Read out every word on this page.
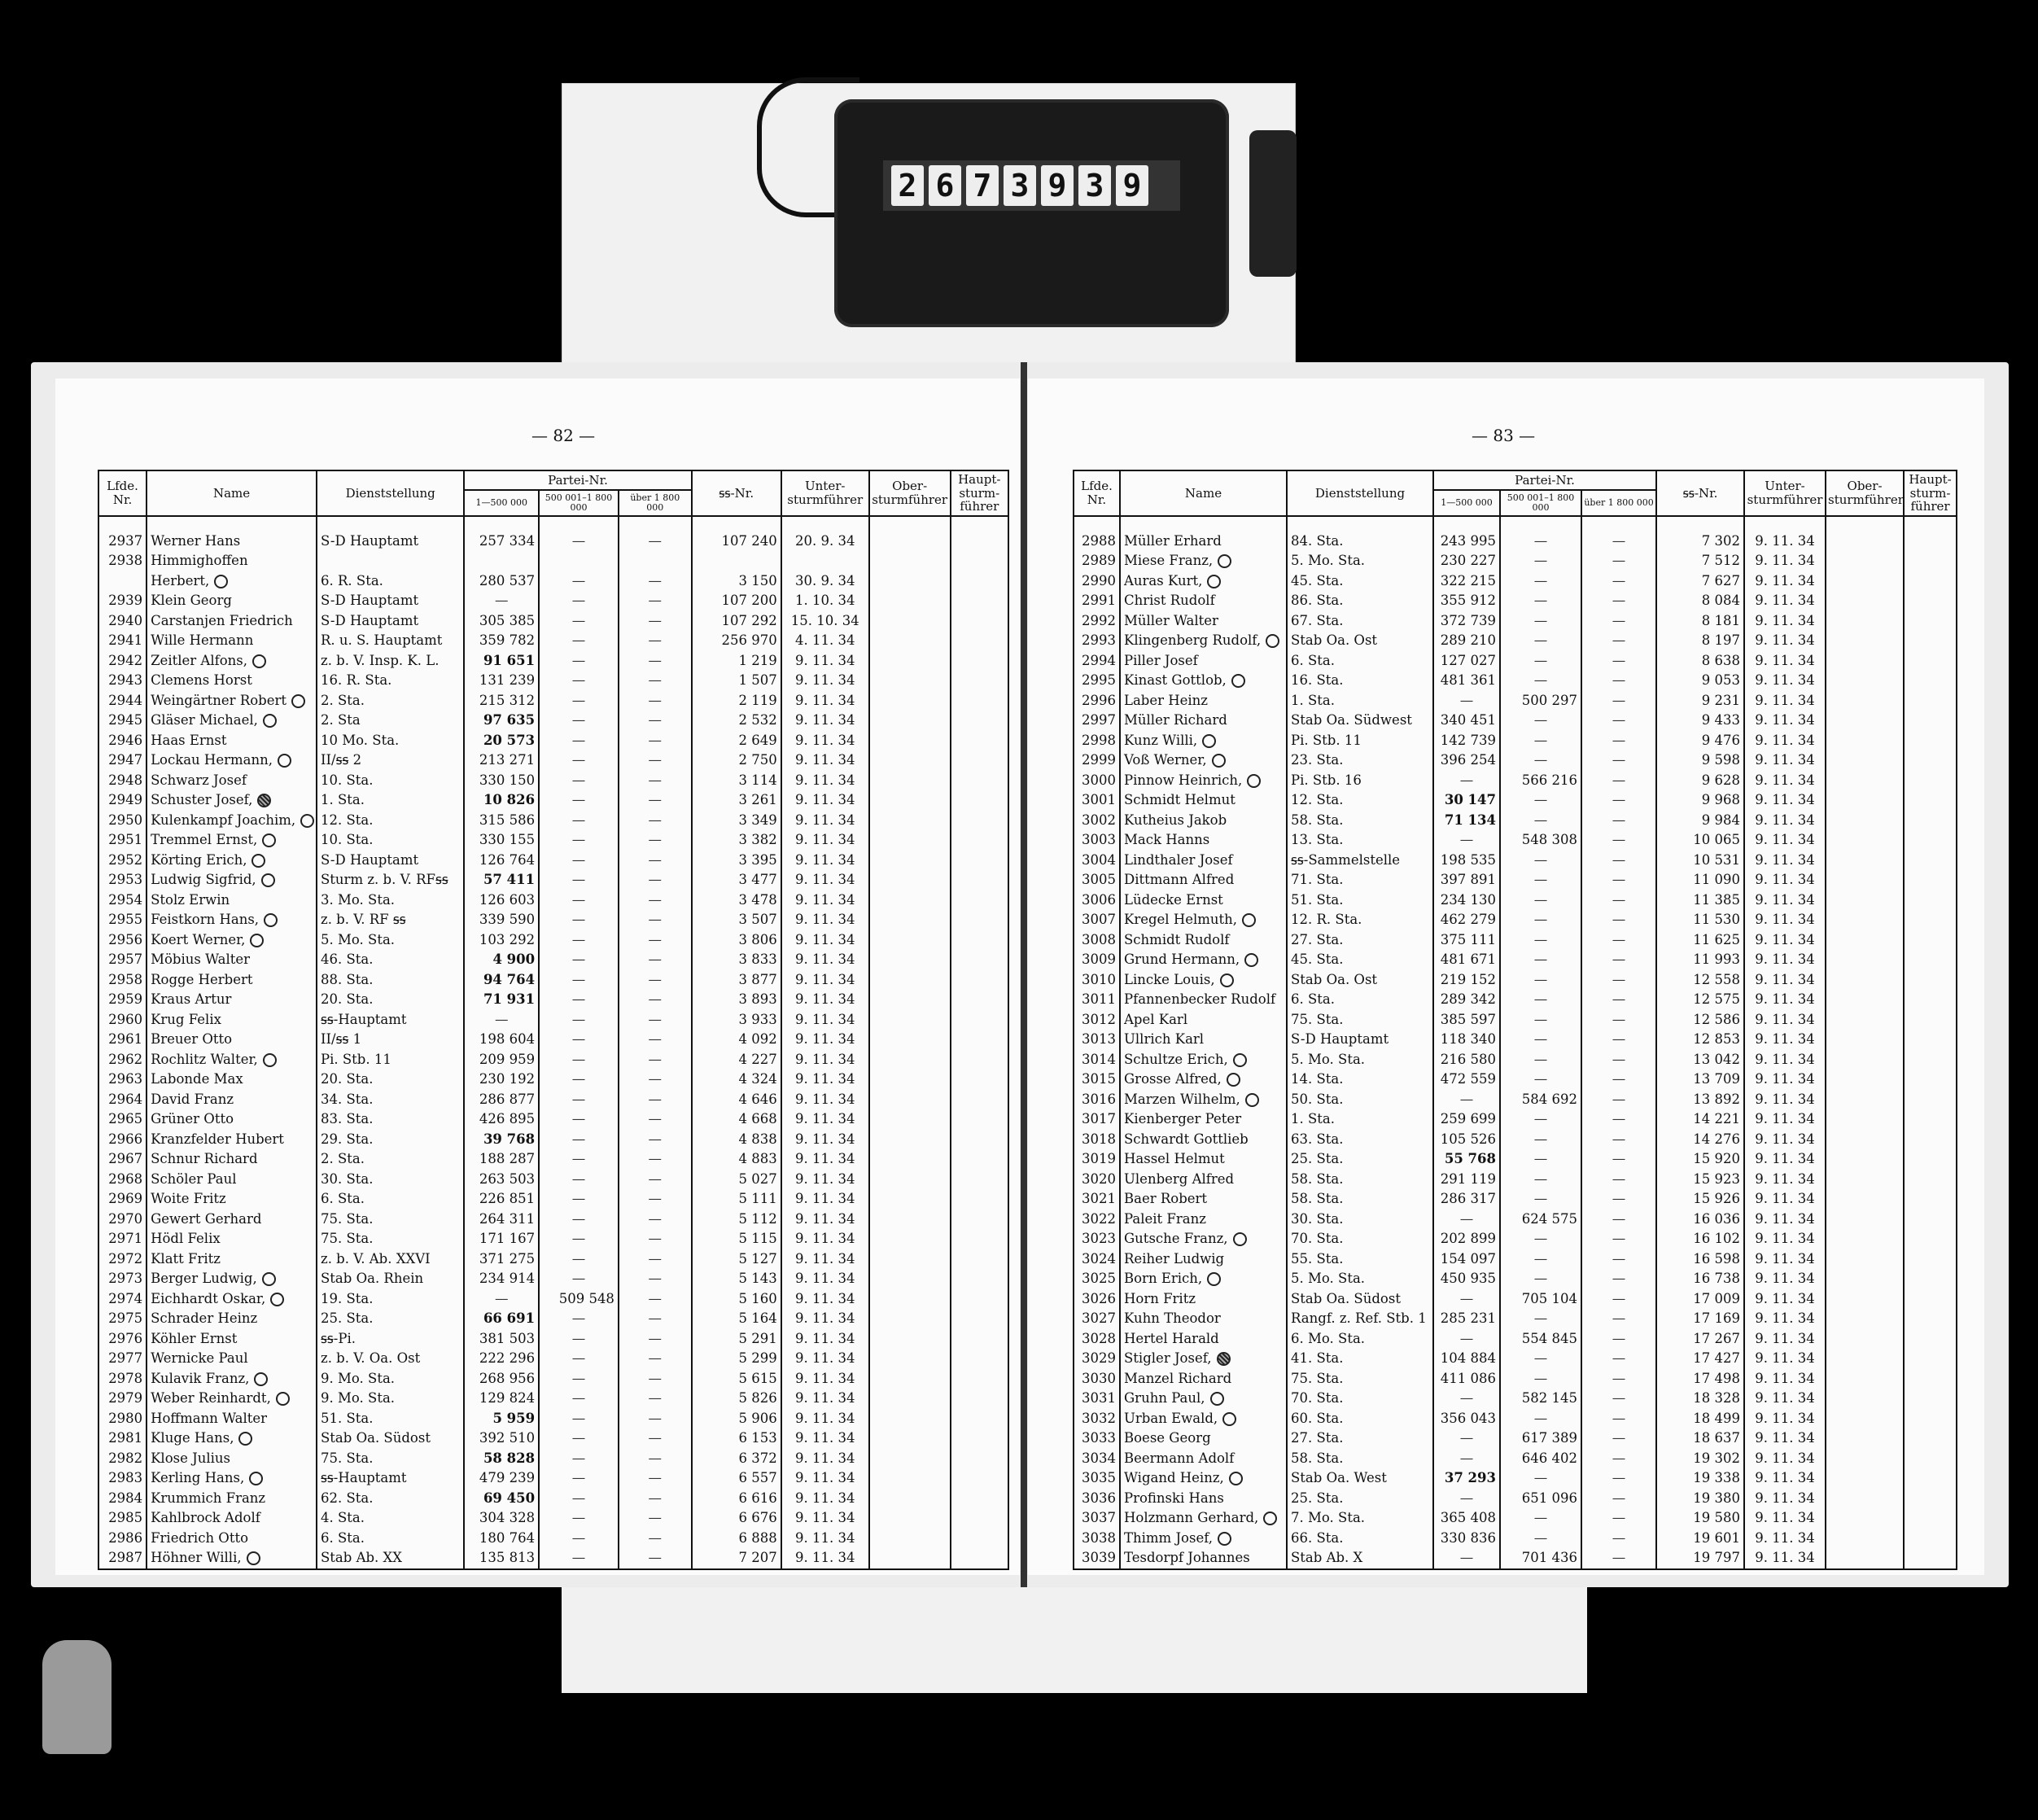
2 6 7 3 9 3 9
— 82 —
Lfde. Nr.	Name	Dienststellung	Partei-Nr.			ꟊꟊ-Nr.	Unter-sturmführer	Ober-sturmführer	Haupt-sturm-führer
			1—500 000	500 001–1 800 000	über 1 800 000				

2937	Werner Hans	S-D Hauptamt	257 334	—	—	107 240	20. 9. 34		
2938	Himmighoffen								
	Herbert,	6. R. Sta.	280 537	—	—	3 150	30. 9. 34		
2939	Klein Georg	S-D Hauptamt	—	—	—	107 200	1. 10. 34		
2940	Carstanjen Friedrich	S-D Hauptamt	305 385	—	—	107 292	15. 10. 34		
2941	Wille Hermann	R. u. S. Hauptamt	359 782	—	—	256 970	4. 11. 34		
2942	Zeitler Alfons,	z. b. V. Insp. K. L.	91 651	—	—	1 219	9. 11. 34		
2943	Clemens Horst	16. R. Sta.	131 239	—	—	1 507	9. 11. 34		
2944	Weingärtner Robert	2. Sta.	215 312	—	—	2 119	9. 11. 34		
2945	Gläser Michael,	2. Sta	97 635	—	—	2 532	9. 11. 34		
2946	Haas Ernst	10 Mo. Sta.	20 573	—	—	2 649	9. 11. 34		
2947	Lockau Hermann,	II/ꟊꟊ 2	213 271	—	—	2 750	9. 11. 34		
2948	Schwarz Josef	10. Sta.	330 150	—	—	3 114	9. 11. 34		
2949	Schuster Josef,	1. Sta.	10 826	—	—	3 261	9. 11. 34		
2950	Kulenkampf Joachim,	12. Sta.	315 586	—	—	3 349	9. 11. 34		
2951	Tremmel Ernst,	10. Sta.	330 155	—	—	3 382	9. 11. 34		
2952	Körting Erich,	S-D Hauptamt	126 764	—	—	3 395	9. 11. 34		
2953	Ludwig Sigfrid,	Sturm z. b. V. RFꟊꟊ	57 411	—	—	3 477	9. 11. 34		
2954	Stolz Erwin	3. Mo. Sta.	126 603	—	—	3 478	9. 11. 34		
2955	Feistkorn Hans,	z. b. V. RF ꟊꟊ	339 590	—	—	3 507	9. 11. 34		
2956	Koert Werner,	5. Mo. Sta.	103 292	—	—	3 806	9. 11. 34		
2957	Möbius Walter	46. Sta.	4 900	—	—	3 833	9. 11. 34		
2958	Rogge Herbert	88. Sta.	94 764	—	—	3 877	9. 11. 34		
2959	Kraus Artur	20. Sta.	71 931	—	—	3 893	9. 11. 34		
2960	Krug Felix	ꟊꟊ-Hauptamt	—	—	—	3 933	9. 11. 34		
2961	Breuer Otto	II/ꟊꟊ 1	198 604	—	—	4 092	9. 11. 34		
2962	Rochlitz Walter,	Pi. Stb. 11	209 959	—	—	4 227	9. 11. 34		
2963	Labonde Max	20. Sta.	230 192	—	—	4 324	9. 11. 34		
2964	David Franz	34. Sta.	286 877	—	—	4 646	9. 11. 34		
2965	Grüner Otto	83. Sta.	426 895	—	—	4 668	9. 11. 34		
2966	Kranzfelder Hubert	29. Sta.	39 768	—	—	4 838	9. 11. 34		
2967	Schnur Richard	2. Sta.	188 287	—	—	4 883	9. 11. 34		
2968	Schöler Paul	30. Sta.	263 503	—	—	5 027	9. 11. 34		
2969	Woite Fritz	6. Sta.	226 851	—	—	5 111	9. 11. 34		
2970	Gewert Gerhard	75. Sta.	264 311	—	—	5 112	9. 11. 34		
2971	Hödl Felix	75. Sta.	171 167	—	—	5 115	9. 11. 34		
2972	Klatt Fritz	z. b. V. Ab. XXVI	371 275	—	—	5 127	9. 11. 34		
2973	Berger Ludwig,	Stab Oa. Rhein	234 914	—	—	5 143	9. 11. 34		
2974	Eichhardt Oskar,	19. Sta.	—	509 548	—	5 160	9. 11. 34		
2975	Schrader Heinz	25. Sta.	66 691	—	—	5 164	9. 11. 34		
2976	Köhler Ernst	ꟊꟊ-Pi.	381 503	—	—	5 291	9. 11. 34		
2977	Wernicke Paul	z. b. V. Oa. Ost	222 296	—	—	5 299	9. 11. 34		
2978	Kulavik Franz,	9. Mo. Sta.	268 956	—	—	5 615	9. 11. 34		
2979	Weber Reinhardt,	9. Mo. Sta.	129 824	—	—	5 826	9. 11. 34		
2980	Hoffmann Walter	51. Sta.	5 959	—	—	5 906	9. 11. 34		
2981	Kluge Hans,	Stab Oa. Südost	392 510	—	—	6 153	9. 11. 34		
2982	Klose Julius	75. Sta.	58 828	—	—	6 372	9. 11. 34		
2983	Kerling Hans,	ꟊꟊ-Hauptamt	479 239	—	—	6 557	9. 11. 34		
2984	Krummich Franz	62. Sta.	69 450	—	—	6 616	9. 11. 34		
2985	Kahlbrock Adolf	4. Sta.	304 328	—	—	6 676	9. 11. 34		
2986	Friedrich Otto	6. Sta.	180 764	—	—	6 888	9. 11. 34		
2987	Höhner Willi,	Stab Ab. XX	135 813	—	—	7 207	9. 11. 34		
— 83 —
Lfde. Nr.	Name	Dienststellung	Partei-Nr.			ꟊꟊ-Nr.	Unter-sturmführer	Ober-sturmführer	Haupt-sturm-führer
			1—500 000	500 001–1 800 000	über 1 800 000				

2988	Müller Erhard	84. Sta.	243 995	—	—	7 302	9. 11. 34		
2989	Miese Franz,	5. Mo. Sta.	230 227	—	—	7 512	9. 11. 34		
2990	Auras Kurt,	45. Sta.	322 215	—	—	7 627	9. 11. 34		
2991	Christ Rudolf	86. Sta.	355 912	—	—	8 084	9. 11. 34		
2992	Müller Walter	67. Sta.	372 739	—	—	8 181	9. 11. 34		
2993	Klingenberg Rudolf,	Stab Oa. Ost	289 210	—	—	8 197	9. 11. 34		
2994	Piller Josef	6. Sta.	127 027	—	—	8 638	9. 11. 34		
2995	Kinast Gottlob,	16. Sta.	481 361	—	—	9 053	9. 11. 34		
2996	Laber Heinz	1. Sta.	—	500 297	—	9 231	9. 11. 34		
2997	Müller Richard	Stab Oa. Südwest	340 451	—	—	9 433	9. 11. 34		
2998	Kunz Willi,	Pi. Stb. 11	142 739	—	—	9 476	9. 11. 34		
2999	Voß Werner,	23. Sta.	396 254	—	—	9 598	9. 11. 34		
3000	Pinnow Heinrich,	Pi. Stb. 16	—	566 216	—	9 628	9. 11. 34		
3001	Schmidt Helmut	12. Sta.	30 147	—	—	9 968	9. 11. 34		
3002	Kutheius Jakob	58. Sta.	71 134	—	—	9 984	9. 11. 34		
3003	Mack Hanns	13. Sta.	—	548 308	—	10 065	9. 11. 34		
3004	Lindthaler Josef	ꟊꟊ-Sammelstelle	198 535	—	—	10 531	9. 11. 34		
3005	Dittmann Alfred	71. Sta.	397 891	—	—	11 090	9. 11. 34		
3006	Lüdecke Ernst	51. Sta.	234 130	—	—	11 385	9. 11. 34		
3007	Kregel Helmuth,	12. R. Sta.	462 279	—	—	11 530	9. 11. 34		
3008	Schmidt Rudolf	27. Sta.	375 111	—	—	11 625	9. 11. 34		
3009	Grund Hermann,	45. Sta.	481 671	—	—	11 993	9. 11. 34		
3010	Lincke Louis,	Stab Oa. Ost	219 152	—	—	12 558	9. 11. 34		
3011	Pfannenbecker Rudolf	6. Sta.	289 342	—	—	12 575	9. 11. 34		
3012	Apel Karl	75. Sta.	385 597	—	—	12 586	9. 11. 34		
3013	Ullrich Karl	S-D Hauptamt	118 340	—	—	12 853	9. 11. 34		
3014	Schultze Erich,	5. Mo. Sta.	216 580	—	—	13 042	9. 11. 34		
3015	Grosse Alfred,	14. Sta.	472 559	—	—	13 709	9. 11. 34		
3016	Marzen Wilhelm,	50. Sta.	—	584 692	—	13 892	9. 11. 34		
3017	Kienberger Peter	1. Sta.	259 699	—	—	14 221	9. 11. 34		
3018	Schwardt Gottlieb	63. Sta.	105 526	—	—	14 276	9. 11. 34		
3019	Hassel Helmut	25. Sta.	55 768	—	—	15 920	9. 11. 34		
3020	Ulenberg Alfred	58. Sta.	291 119	—	—	15 923	9. 11. 34		
3021	Baer Robert	58. Sta.	286 317	—	—	15 926	9. 11. 34		
3022	Paleit Franz	30. Sta.	—	624 575	—	16 036	9. 11. 34		
3023	Gutsche Franz,	70. Sta.	202 899	—	—	16 102	9. 11. 34		
3024	Reiher Ludwig	55. Sta.	154 097	—	—	16 598	9. 11. 34		
3025	Born Erich,	5. Mo. Sta.	450 935	—	—	16 738	9. 11. 34		
3026	Horn Fritz	Stab Oa. Südost	—	705 104	—	17 009	9. 11. 34		
3027	Kuhn Theodor	Rangf. z. Ref. Stb. 1	285 231	—	—	17 169	9. 11. 34		
3028	Hertel Harald	6. Mo. Sta.	—	554 845	—	17 267	9. 11. 34		
3029	Stigler Josef,	41. Sta.	104 884	—	—	17 427	9. 11. 34		
3030	Manzel Richard	75. Sta.	411 086	—	—	17 498	9. 11. 34		
3031	Gruhn Paul,	70. Sta.	—	582 145	—	18 328	9. 11. 34		
3032	Urban Ewald,	60. Sta.	356 043	—	—	18 499	9. 11. 34		
3033	Boese Georg	27. Sta.	—	617 389	—	18 637	9. 11. 34		
3034	Beermann Adolf	58. Sta.	—	646 402	—	19 302	9. 11. 34		
3035	Wigand Heinz,	Stab Oa. West	37 293	—	—	19 338	9. 11. 34		
3036	Profinski Hans	25. Sta.	—	651 096	—	19 380	9. 11. 34		
3037	Holzmann Gerhard,	7. Mo. Sta.	365 408	—	—	19 580	9. 11. 34		
3038	Thimm Josef,	66. Sta.	330 836	—	—	19 601	9. 11. 34		
3039	Tesdorpf Johannes	Stab Ab. X	—	701 436	—	19 797	9. 11. 34		
